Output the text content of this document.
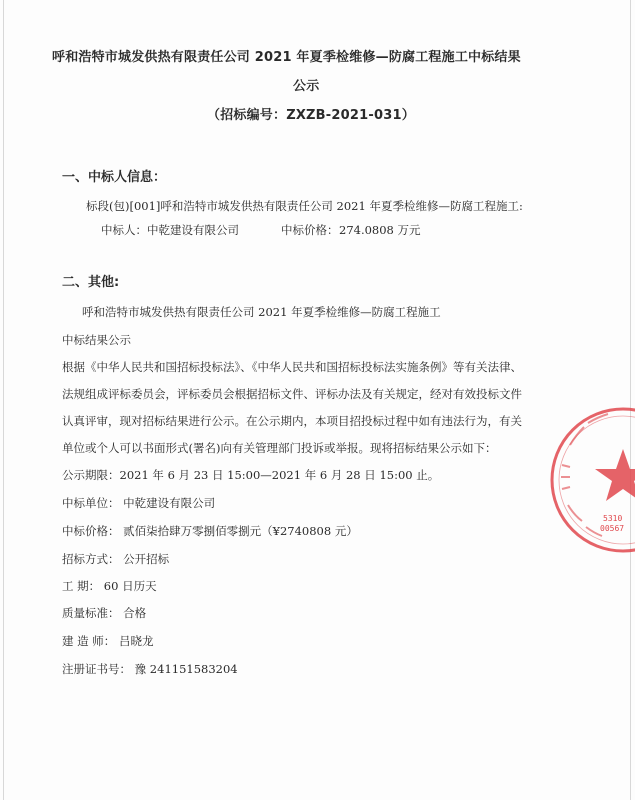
呼和浩特市城发供热有限责任公司 2021 年夏季检维修—防腐工程施工中标结果
公示
（招标编号：ZXZB-2021-031）
一、中标人信息：
标段(包)[001]呼和浩特市城发供热有限责任公司 2021 年夏季检维修—防腐工程施工:
中标人： 中乾建设有限公司	中标价格： 274.0808 万元
二、其他:
呼和浩特市城发供热有限责任公司 2021 年夏季检维修—防腐工程施工
中标结果公示
根据《中华人民共和国招标投标法》、《中华人民共和国招标投标法实施条例》等有关法律、
法规组成评标委员会，评标委员会根据招标文件、评标办法及有关规定，经对有效投标文件
认真评审，现对招标结果进行公示。在公示期内，本项目招投标过程中如有违法行为，有关
单位或个人可以书面形式(署名)向有关管理部门投诉或举报。现将招标结果公示如下：
公示期限：2021 年 6 月 23 日 15:00—2021 年 6 月 28 日 15:00 止。
中标单位： 中乾建设有限公司
中标价格： 贰佰柒拾肆万零捌佰零捌元（¥2740808 元）
招标方式： 公开招标
工 期： 60 日历天
质量标准： 合格
建 造 师： 吕晓龙
注册证书号： 豫 241151583204
5310
00567
